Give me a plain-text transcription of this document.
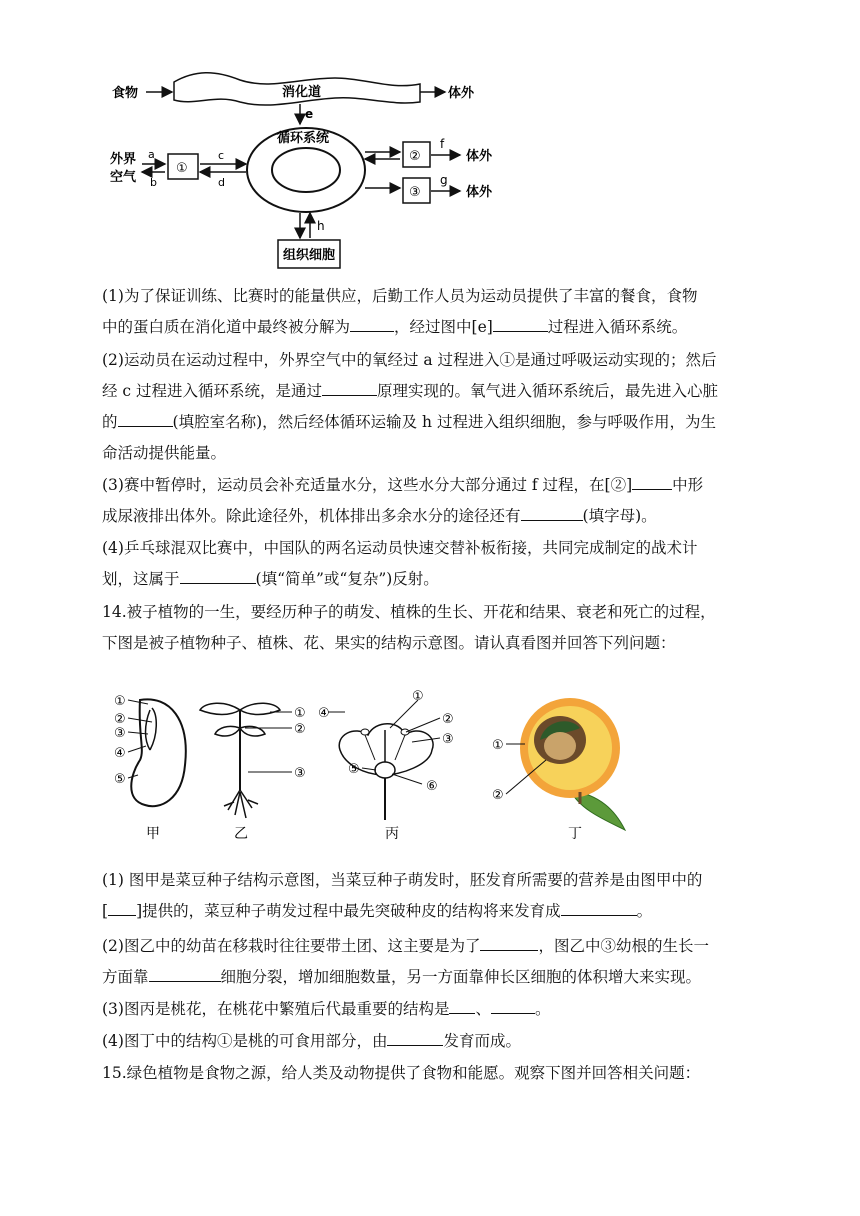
食物	消化道	体外
e
循环系统
外界
空气
a
b
①
c
d
②
f
体外
③
g
体外
h
组织细胞
(1)为了保证训练、比赛时的能量供应，后勤工作人员为运动员提供了丰富的餐食，食物
中的蛋白质在消化道中最终被分解为	，经过图中[e]	过程进入循环系统。
(2)运动员在运动过程中，外界空气中的氧经过 a 过程进入①是通过呼吸运动实现的；然后
经 c 过程进入循环系统，是通过	原理实现的。氧气进入循环系统后，最先进入心脏
的	(填腔室名称)，然后经体循环运输及 h 过程进入组织细胞，参与呼吸作用，为生
命活动提供能量。
(3)赛中暂停时，运动员会补充适量水分，这些水分大部分通过 f 过程，在[②]	中形
成尿液排出体外。除此途径外，机体排出多余水分的途径还有	(填字母)。
(4)乒乓球混双比赛中，中国队的两名运动员快速交替补板衔接，共同完成制定的战术计
划，这属于	(填“简单”或“复杂”)反射。
14.被子植物的一生，要经历种子的萌发、植株的生长、开花和结果、衰老和死亡的过程，
下图是被子植物种子、植株、花、果实的结构示意图。请认真看图并回答下列问题：
①
②
③
④
⑤
甲
①
②
③
乙
①
②
③
④
⑤
⑥
丙
①
②
丁
(1) 图甲是菜豆种子结构示意图，当菜豆种子萌发时，胚发育所需要的营养是由图甲中的
[ ]提供的，菜豆种子萌发过程中最先突破种皮的结构将来发育成	。
(2)图乙中的幼苗在移栽时往往要带土团、这主要是为了	，图乙中③幼根的生长一
方面靠	细胞分裂，增加细胞数量，另一方面靠伸长区细胞的体积增大来实现。
(3)图丙是桃花，在桃花中繁殖后代最重要的结构是 、	。
(4)图丁中的结构①是桃的可食用部分，由	发育而成。
15.绿色植物是食物之源，给人类及动物提供了食物和能愿。观察下图并回答相关问题：
